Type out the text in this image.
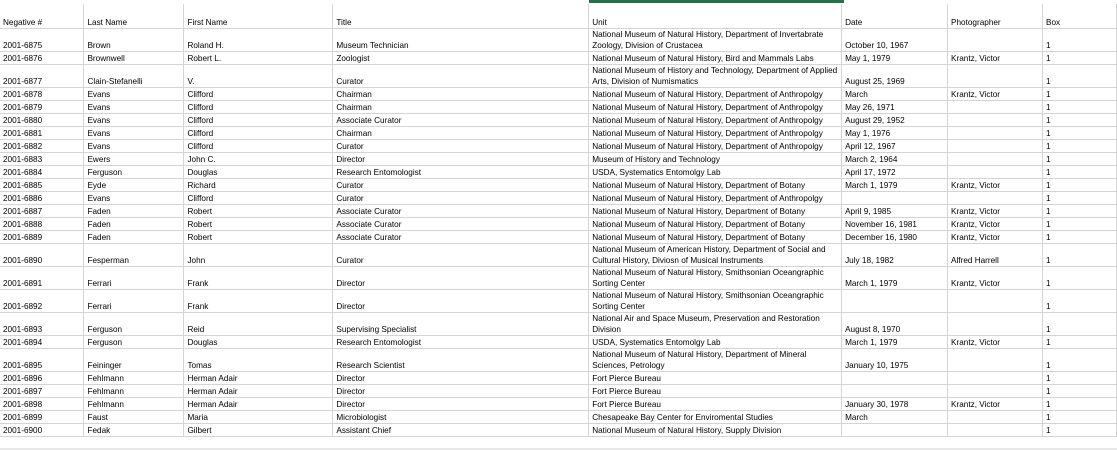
Negative #	Last Name	First Name	Title	Unit	Date	Photographer	Box
2001-6875	Brown	Roland H.	Museum Technician	National Museum of Natural History, Department of Invertabrate Zoology, Division of Crustacea	October 10, 1967		1
2001-6876	Brownwell	Robert L.	Zoologist	National Museum of Natural History, Bird and Mammals Labs	May 1, 1979	Krantz, Victor	1
2001-6877	Clain-Stefanelli	V.	Curator	National Museum of History and Technology, Department of Applied Arts, Division of Numismatics	August 25, 1969		1
2001-6878	Evans	Clifford	Chairman	National Museum of Natural History, Department of Anthropolgy	March	Krantz, Victor	1
2001-6879	Evans	Clifford	Chairman	National Museum of Natural History, Department of Anthropolgy	May 26, 1971		1
2001-6880	Evans	Clifford	Associate Curator	National Museum of Natural History, Department of Anthropolgy	August 29, 1952		1
2001-6881	Evans	Clifford	Chairman	National Museum of Natural History, Department of Anthropolgy	May 1, 1976		1
2001-6882	Evans	Clifford	Curator	National Museum of Natural History, Department of Anthropolgy	April 12, 1967		1
2001-6883	Ewers	John C.	Director	Museum of History and Technology	March 2, 1964		1
2001-6884	Ferguson	Douglas	Research Entomologist	USDA, Systematics Entomolgy Lab	April 17, 1972		1
2001-6885	Eyde	Richard	Curator	National Museum of Natural History, Department of Botany	March 1, 1979	Krantz, Victor	1
2001-6886	Evans	Clifford	Curator	National Museum of Natural History, Department of Anthropolgy			1
2001-6887	Faden	Robert	Associate Curator	National Museum of Natural History, Department of Botany	April 9, 1985	Krantz, Victor	1
2001-6888	Faden	Robert	Associate Curator	National Museum of Natural History, Department of Botany	November 16, 1981	Krantz, Victor	1
2001-6889	Faden	Robert	Associate Curator	National Museum of Natural History, Department of Botany	December 16, 1980	Krantz, Victor	1
2001-6890	Fesperman	John	Curator	National Museum of American History, Department of Social and Cultural History, Diviosn of Musical Instruments	July 18, 1982	Alfred Harrell	1
2001-6891	Ferrari	Frank	Director	National Museum of Natural History, Smithsonian Oceangraphic Sorting Center	March 1, 1979	Krantz, Victor	1
2001-6892	Ferrari	Frank	Director	National Museum of Natural History, Smithsonian Oceangraphic Sorting Center			1
2001-6893	Ferguson	Reid	Supervising Specialist	National Air and Space Museum, Preservation and Restoration Division	August 8, 1970		1
2001-6894	Ferguson	Douglas	Research Entomologist	USDA, Systematics Entomolgy Lab	March 1, 1979	Krantz, Victor	1
2001-6895	Feininger	Tomas	Research Scientist	National Museum of Natural History, Department of Mineral Sciences, Petrology	January 10, 1975		1
2001-6896	Fehlmann	Herman Adair	Director	Fort Pierce Bureau			1
2001-6897	Fehlmann	Herman Adair	Director	Fort Pierce Bureau			1
2001-6898	Fehlmann	Herman Adair	Director	Fort Pierce Bureau	January 30, 1978	Krantz, Victor	1
2001-6899	Faust	Maria	Microbiologist	Chesapeake Bay Center for Enviromental Studies	March		1
2001-6900	Fedak	Gilbert	Assistant Chief	National Museum of Natural History, Supply Division			1
